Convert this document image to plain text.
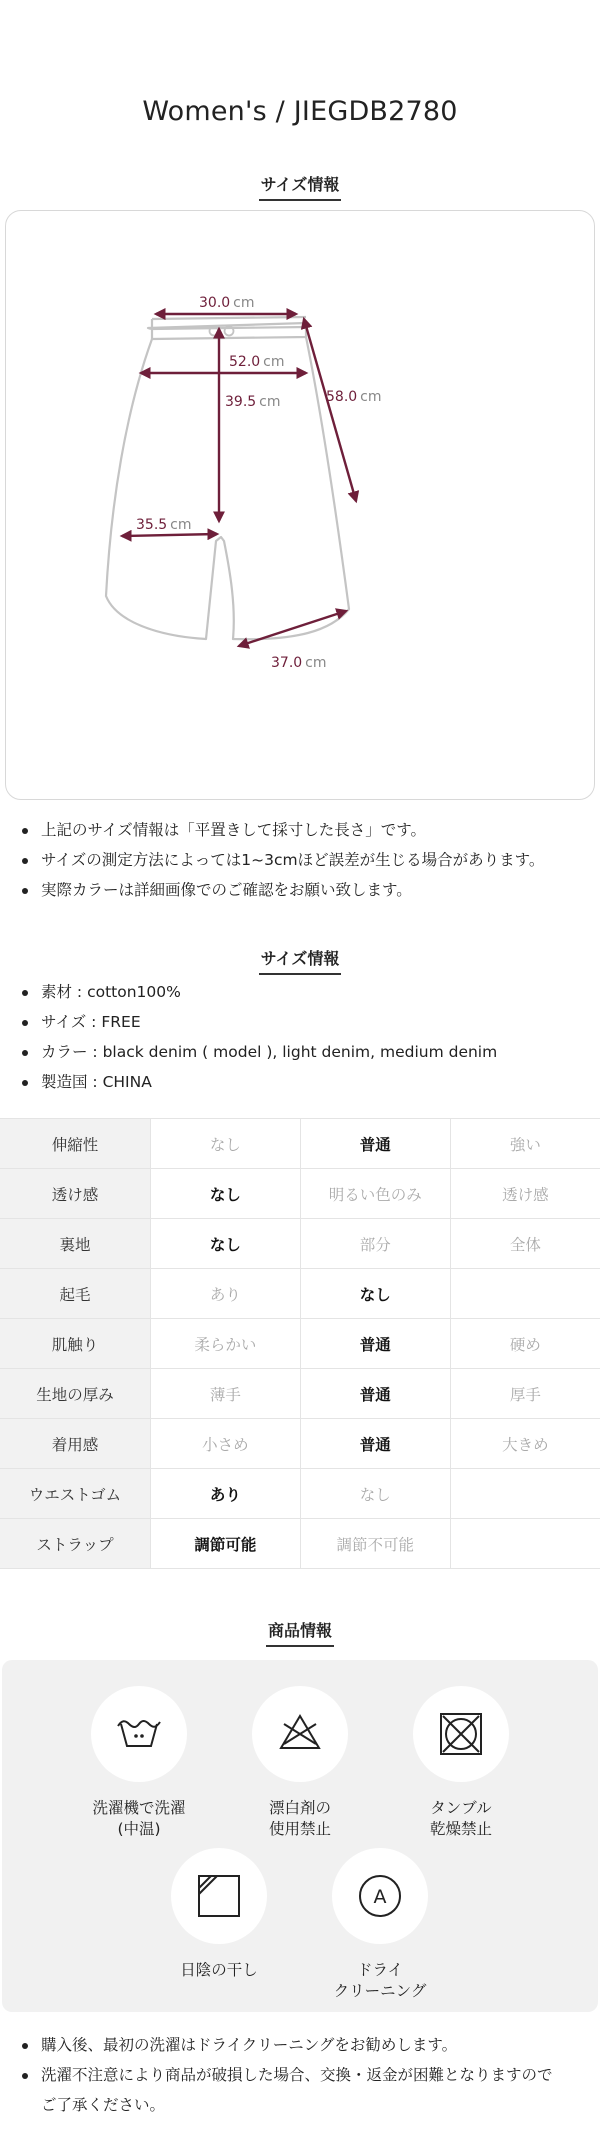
Women's / JIEGDB2780
サイズ情報
30.0 cm
52.0 cm
39.5 cm
35.5 cm
58.0 cm
37.0 cm
上記のサイズ情報は「平置きして採寸した長さ」です。
サイズの測定方法によっては1~3cmほど誤差が生じる場合があります。
実際カラーは詳細画像でのご確認をお願い致します。
サイズ情報
素材 : cotton100%
サイズ : FREE
カラー : black denim ( model ), light denim, medium denim
製造国 : CHINA
伸縮性	なし	普通	強い
透け感	なし	明るい色のみ	透け感
裏地	なし	部分	全体
起毛	あり	なし	
肌触り	柔らかい	普通	硬め
生地の厚み	薄手	普通	厚手
着用感	小さめ	普通	大きめ
ウエストゴム	あり	なし	
ストラップ	調節可能	調節不可能	
商品情報
洗濯機で洗濯
(中温)
漂白剤の
使用禁止
タンブル
乾燥禁止
日陰の干し
A
ドライ
クリーニング
購入後、最初の洗濯はドライクリーニングをお勧めします。
洗濯不注意により商品が破損した場合、交換・返金が困難となりますので
ご了承ください。
